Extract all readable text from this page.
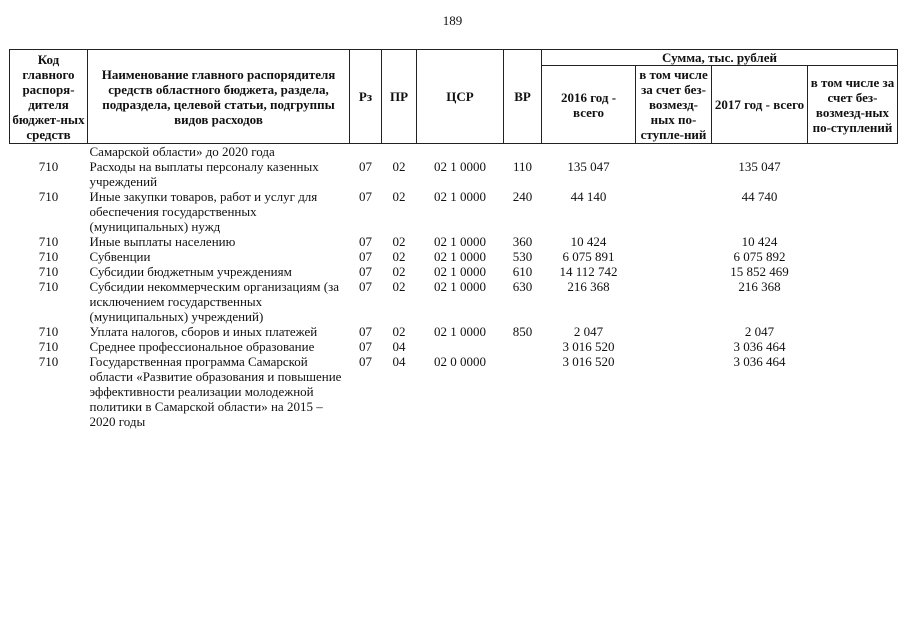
189
Код главного распоря-дителя бюджет-ных средств	Наименование главного распорядителя средств областного бюджета, раздела, подраздела, целевой статьи, подгруппы видов расходов	Рз	ПР	ЦСР	ВР	Сумма, тыс. рублей			
						2016 год - всего	в том числе за счет без-возмезд-ных по-ступле-ний	2017 год - всего	в том числе за счет без-возмезд-ных по-ступлений
	Самарской области» до 2020 года								
710	Расходы на выплаты персоналу казенных учреждений	07	02	02 1 0000	110	135 047		135 047	
710	Иные закупки товаров, работ и услуг для обеспечения государственных (муниципальных) нужд	07	02	02 1 0000	240	44 140		44 740	
710	Иные выплаты населению	07	02	02 1 0000	360	10 424		10 424	
710	Субвенции	07	02	02 1 0000	530	6 075 891		6 075 892	
710	Субсидии бюджетным учреждениям	07	02	02 1 0000	610	14 112 742		15 852 469	
710	Субсидии некоммерческим организациям (за исключением государственных (муниципальных) учреждений)	07	02	02 1 0000	630	216 368		216 368	
710	Уплата налогов, сборов и иных платежей	07	02	02 1 0000	850	2 047		2 047	
710	Среднее профессиональное образование	07	04			3 016 520		3 036 464	
710	Государственная программа Самарской области «Развитие образования и повышение эффективности реализации молодежной политики в Самарской области» на 2015 – 2020 годы	07	04	02 0 0000		3 016 520		3 036 464	
